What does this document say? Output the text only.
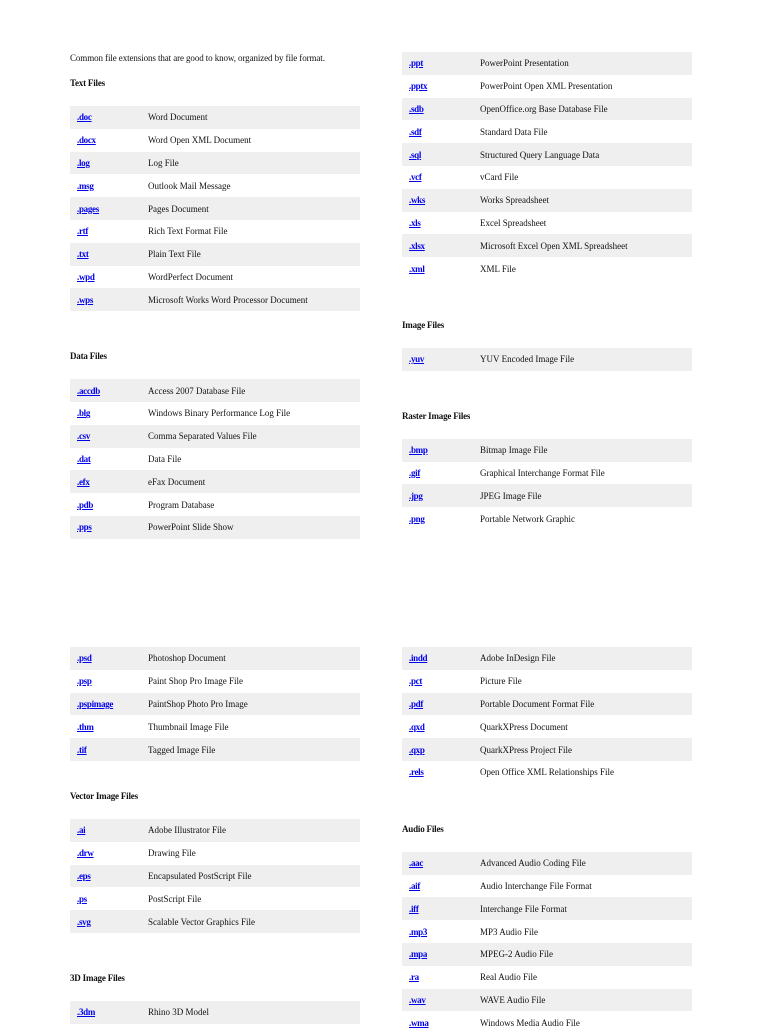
Common file extensions that are good to know, organized by file format.

Text Files
.doc	Word Document
.docx	Word Open XML Document
.log	Log File
.msg	Outlook Mail Message
.pages	Pages Document
.rtf	Rich Text Format File
.txt	Plain Text File
.wpd	WordPerfect Document
.wps	Microsoft Works Word Processor Document
Data Files
.accdb	Access 2007 Database File
.blg	Windows Binary Performance Log File
.csv	Comma Separated Values File
.dat	Data File
.efx	eFax Document
.pdb	Program Database
.pps	PowerPoint Slide Show
.ppt	PowerPoint Presentation
.pptx	PowerPoint Open XML Presentation
.sdb	OpenOffice.org Base Database File
.sdf	Standard Data File
.sql	Structured Query Language Data
.vcf	vCard File
.wks	Works Spreadsheet
.xls	Excel Spreadsheet
.xlsx	Microsoft Excel Open XML Spreadsheet
.xml	XML File
Image Files
.yuv	YUV Encoded Image File
Raster Image Files
.bmp	Bitmap Image File
.gif	Graphical Interchange Format File
.jpg	JPEG Image File
.png	Portable Network Graphic
.psd	Photoshop Document
.psp	Paint Shop Pro Image File
.pspimage	PaintShop Photo Pro Image
.thm	Thumbnail Image File
.tif	Tagged Image File
Vector Image Files
.ai	Adobe Illustrator File
.drw	Drawing File
.eps	Encapsulated PostScript File
.ps	PostScript File
.svg	Scalable Vector Graphics File
3D Image Files
.3dm	Rhino 3D Model
.indd	Adobe InDesign File
.pct	Picture File
.pdf	Portable Document Format File
.qxd	QuarkXPress Document
.qxp	QuarkXPress Project File
.rels	Open Office XML Relationships File
Audio Files
.aac	Advanced Audio Coding File
.aif	Audio Interchange File Format
.iff	Interchange File Format
.mp3	MP3 Audio File
.mpa	MPEG-2 Audio File
.ra	Real Audio File
.wav	WAVE Audio File
.wma	Windows Media Audio File
